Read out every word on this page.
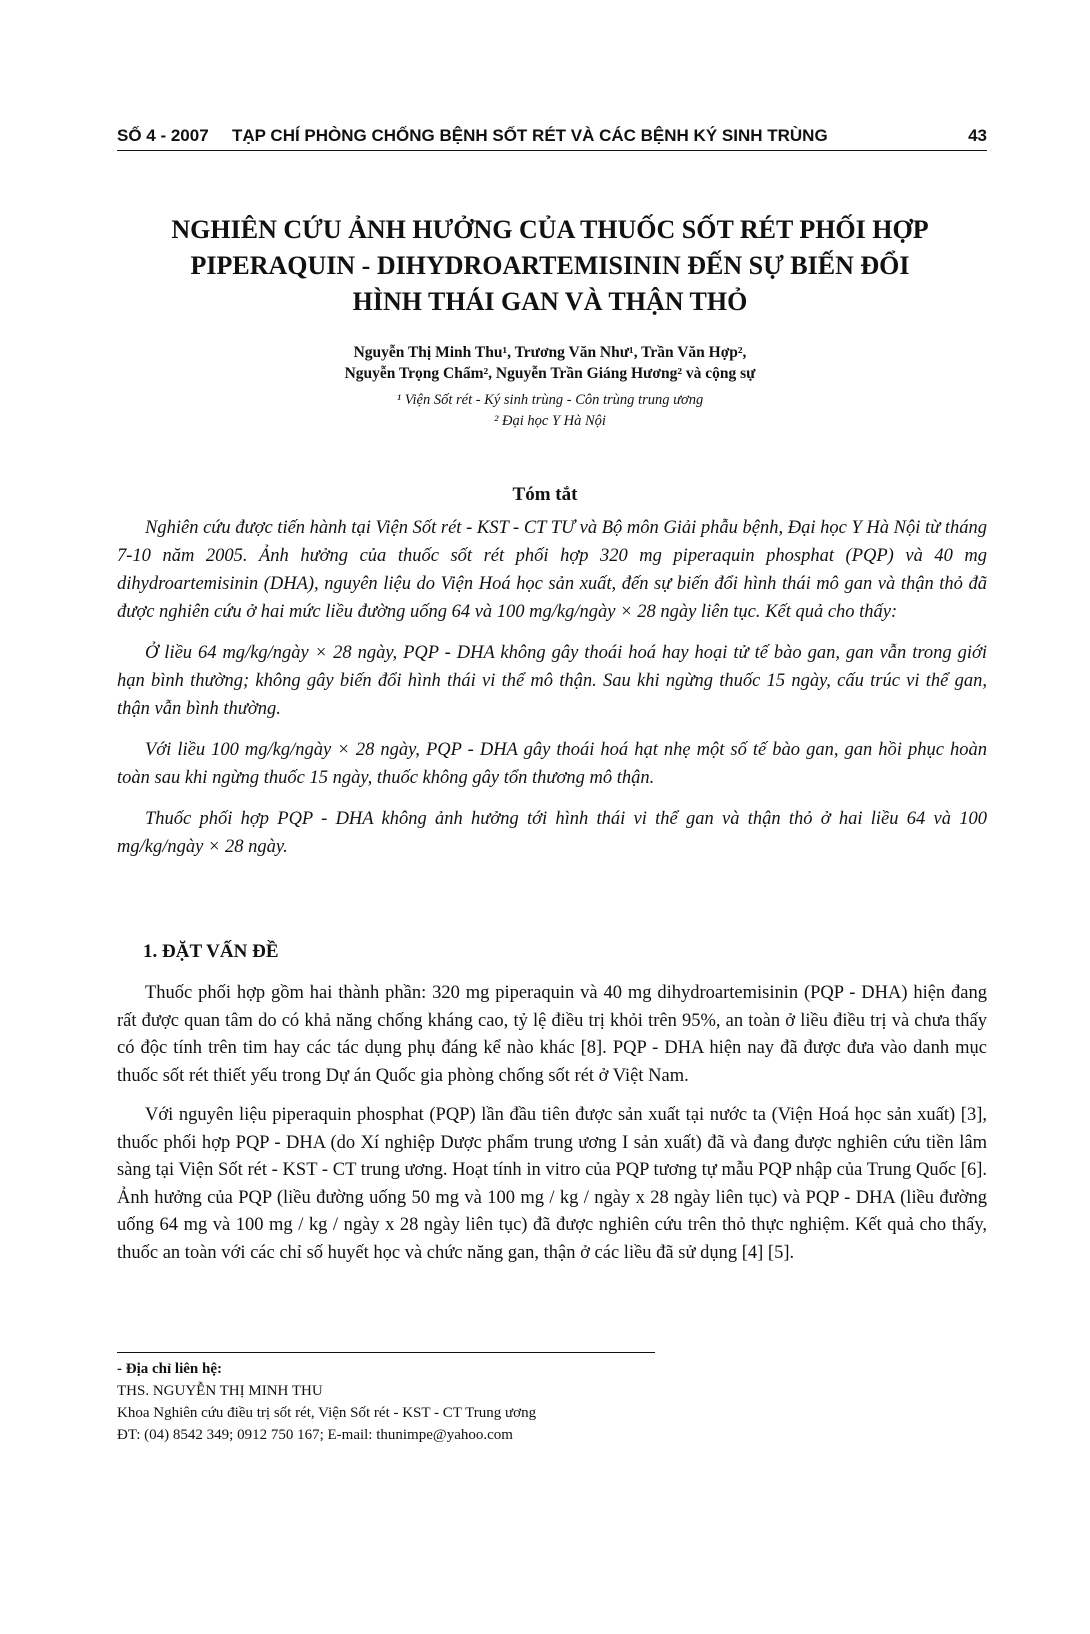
SỐ 4 - 2007 TẠP CHÍ PHÒNG CHỐNG BỆNH SỐT RÉT VÀ CÁC BỆNH KÝ SINH TRÙNG	43
NGHIÊN CỨU ẢNH HƯỞNG CỦA THUỐC SỐT RÉT PHỐI HỢP
PIPERAQUIN - DIHYDROARTEMISININ ĐẾN SỰ BIẾN ĐỔI
HÌNH THÁI GAN VÀ THẬN THỎ
Nguyễn Thị Minh Thu¹, Trương Văn Như¹, Trần Văn Hợp²,
Nguyễn Trọng Chẩm², Nguyễn Trần Giáng Hương² và cộng sự
¹ Viện Sốt rét - Ký sinh trùng - Côn trùng trung ương
² Đại học Y Hà Nội
Tóm tắt

Nghiên cứu được tiến hành tại Viện Sốt rét - KST - CT TƯ và Bộ môn Giải phẫu bệnh, Đại học Y Hà Nội từ tháng 7-10 năm 2005. Ảnh hưởng của thuốc sốt rét phối hợp 320 mg piperaquin phosphat (PQP) và 40 mg dihydroartemisinin (DHA), nguyên liệu do Viện Hoá học sản xuất, đến sự biến đổi hình thái mô gan và thận thỏ đã được nghiên cứu ở hai mức liều đường uống 64 và 100 mg/kg/ngày × 28 ngày liên tục. Kết quả cho thấy:

Ở liều 64 mg/kg/ngày × 28 ngày, PQP - DHA không gây thoái hoá hay hoại tử tế bào gan, gan vẫn trong giới hạn bình thường; không gây biến đổi hình thái vi thể mô thận. Sau khi ngừng thuốc 15 ngày, cấu trúc vi thể gan, thận vẫn bình thường.

Với liều 100 mg/kg/ngày × 28 ngày, PQP - DHA gây thoái hoá hạt nhẹ một số tế bào gan, gan hồi phục hoàn toàn sau khi ngừng thuốc 15 ngày, thuốc không gây tổn thương mô thận.

Thuốc phối hợp PQP - DHA không ảnh hưởng tới hình thái vi thể gan và thận thỏ ở hai liều 64 và 100 mg/kg/ngày × 28 ngày.

1. ĐẶT VẤN ĐỀ

Thuốc phối hợp gồm hai thành phần: 320 mg piperaquin và 40 mg dihydroartemisinin (PQP - DHA) hiện đang rất được quan tâm do có khả năng chống kháng cao, tỷ lệ điều trị khỏi trên 95%, an toàn ở liều điều trị và chưa thấy có độc tính trên tim hay các tác dụng phụ đáng kể nào khác [8]. PQP - DHA hiện nay đã được đưa vào danh mục thuốc sốt rét thiết yếu trong Dự án Quốc gia phòng chống sốt rét ở Việt Nam.

Với nguyên liệu piperaquin phosphat (PQP) lần đầu tiên được sản xuất tại nước ta (Viện Hoá học sản xuất) [3], thuốc phối hợp PQP - DHA (do Xí nghiệp Dược phẩm trung ương I sản xuất) đã và đang được nghiên cứu tiền lâm sàng tại Viện Sốt rét - KST - CT trung ương. Hoạt tính in vitro của PQP tương tự mẫu PQP nhập của Trung Quốc [6]. Ảnh hưởng của PQP (liều đường uống 50 mg và 100 mg / kg / ngày x 28 ngày liên tục) và PQP - DHA (liều đường uống 64 mg và 100 mg / kg / ngày x 28 ngày liên tục) đã được nghiên cứu trên thỏ thực nghiệm. Kết quả cho thấy, thuốc an toàn với các chỉ số huyết học và chức năng gan, thận ở các liều đã sử dụng [4] [5].

- Địa chỉ liên hệ:
THS. NGUYỄN THỊ MINH THU
Khoa Nghiên cứu điều trị sốt rét, Viện Sốt rét - KST - CT Trung ương
ĐT: (04) 8542 349; 0912 750 167; E-mail: thunimpe@yahoo.com
